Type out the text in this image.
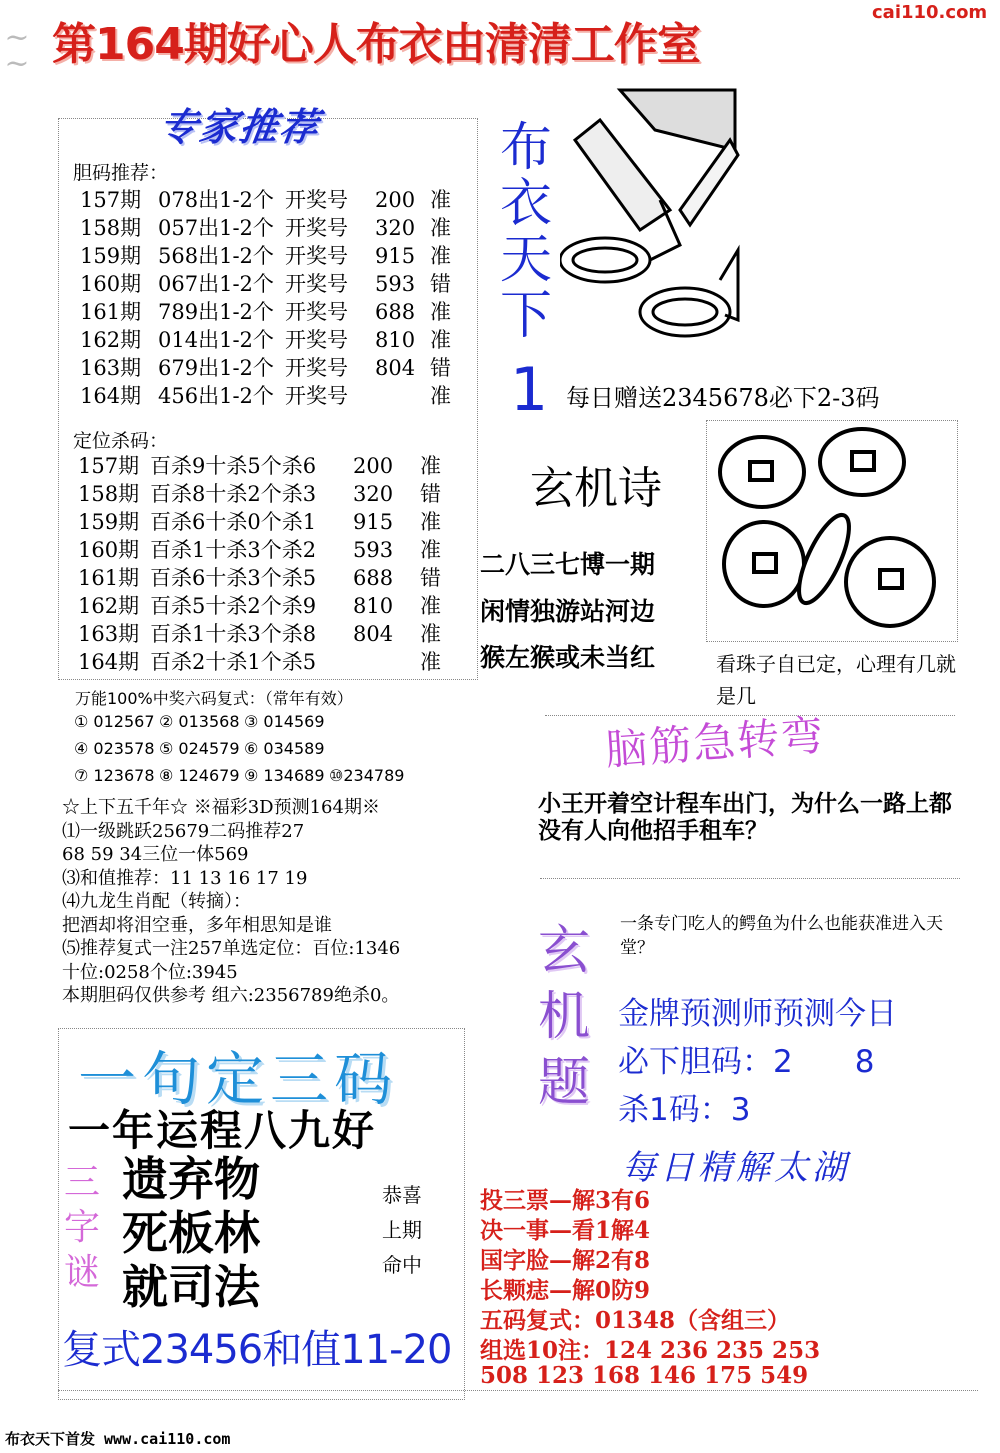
~
~ 第164期好心人布衣由清清工作室
cai110.com
专家推荐
胆码推荐：
157期 078出1-2个 开奖号 200 准
158期 057出1-2个 开奖号 320 准
159期 568出1-2个 开奖号 915 准
160期 067出1-2个 开奖号 593 错
161期 789出1-2个 开奖号 688 准
162期 014出1-2个 开奖号 810 准
163期 679出1-2个 开奖号 804 错
164期 456出1-2个 开奖号	准
定位杀码：
157期 百杀9十杀5个杀6 200 准
158期 百杀8十杀2个杀3 320 错
159期 百杀6十杀0个杀1 915 准
160期 百杀1十杀3个杀2 593 准
161期 百杀6十杀3个杀5 688 错
162期 百杀5十杀2个杀9 810 准
163期 百杀1十杀3个杀8 804 准
164期 百杀2十杀1个杀5	准
万能100%中奖六码复式：（常年有效）
① 012567 ② 013568 ③ 014569
④ 023578 ⑤ 024579 ⑥ 034589
⑦ 123678 ⑧ 124679 ⑨ 134689 ⑩234789
☆上下五千年☆ ※福彩3D预测164期※
⑴一级跳跃25679二码推荐27
68 59 34三位一体569
⑶和值推荐：11 13 16 17 19
⑷九龙生肖配（转摘）：
把酒却将泪空垂，多年相思知是谁
⑸推荐复式一注257单选定位：百位:1346
十位:0258个位:3945
本期胆码仅供参考 组六:2356789绝杀0。
布
衣
天
下
1 每日赠送2345678必下2-3码
玄机诗
二八三七博一期
闲情独游站河边
猴左猴或未当红	看珠子自已定，心理有几就是几
脑筋急转弯
小王开着空计程车出门，为什么一路上都没有人向他招手租车？
玄
机
题
一条专门吃人的鳄鱼为什么也能获准进入天堂？
金牌预测师预测今日
必下胆码：2　　8
杀1码：3
每日精解太湖
投三票—解3有6
决一事—看1解4
国字脸—解2有8
长颗痣—解0防9
五码复式：01348（含组三）
组选10注：124 236 235 253
508 123 168 146 175 549
一句定三码
一年运程八九好
三
字
谜
遗弃物
死板林
就司法
恭喜
上期
命中
复式23456和值11-20
布衣天下首发 www.cai110.com
